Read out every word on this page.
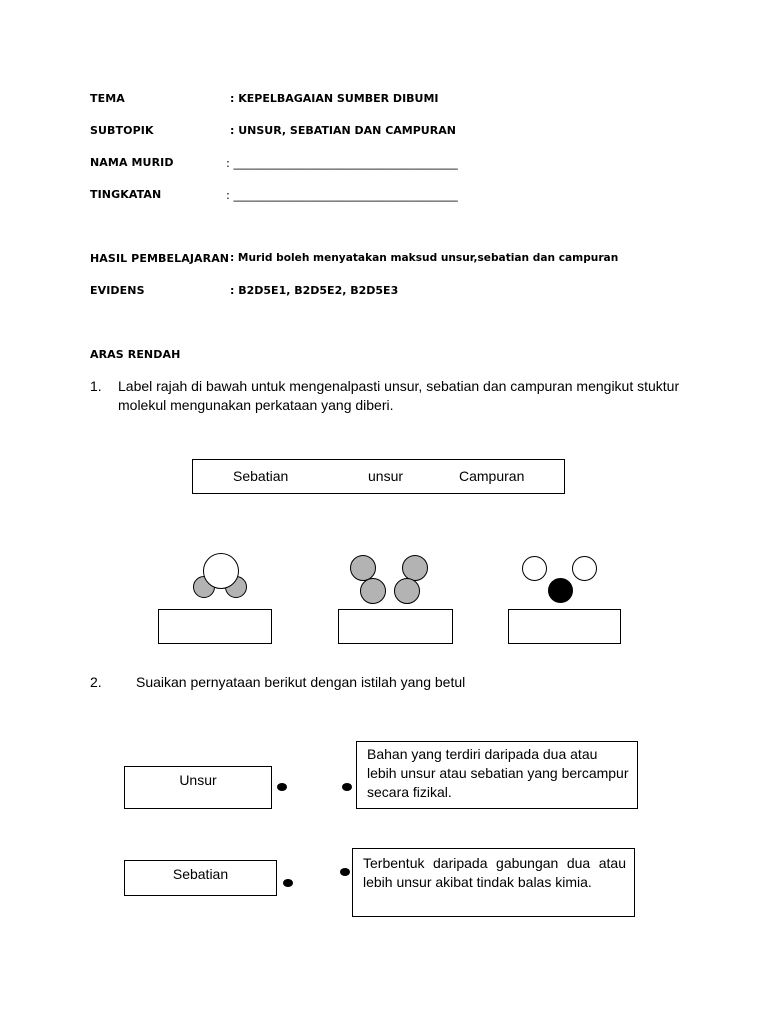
TEMA	: KEPELBAGAIAN SUMBER DIBUMI
SUBTOPIK	: UNSUR, SEBATIAN DAN CAMPURAN
NAMA MURID	: _______________________________________
TINGKATAN	: _______________________________________
HASIL PEMBELAJARAN : Murid boleh menyatakan maksud unsur,sebatian dan campuran
EVIDENS	: B2D5E1, B2D5E2, B2D5E3
ARAS RENDAH
1. Label rajah di bawah untuk mengenalpasti unsur, sebatian dan campuran mengikut stuktur molekul mengunakan perkataan yang diberi.
Sebatian	unsur	Campuran
2. Suaikan pernyataan berikut dengan istilah yang betul
Unsur
Bahan yang terdiri daripada dua atau lebih unsur atau sebatian yang bercampur secara fizikal.
Sebatian
Terbentuk daripada gabungan dua atau lebih unsur akibat tindak balas kimia.
